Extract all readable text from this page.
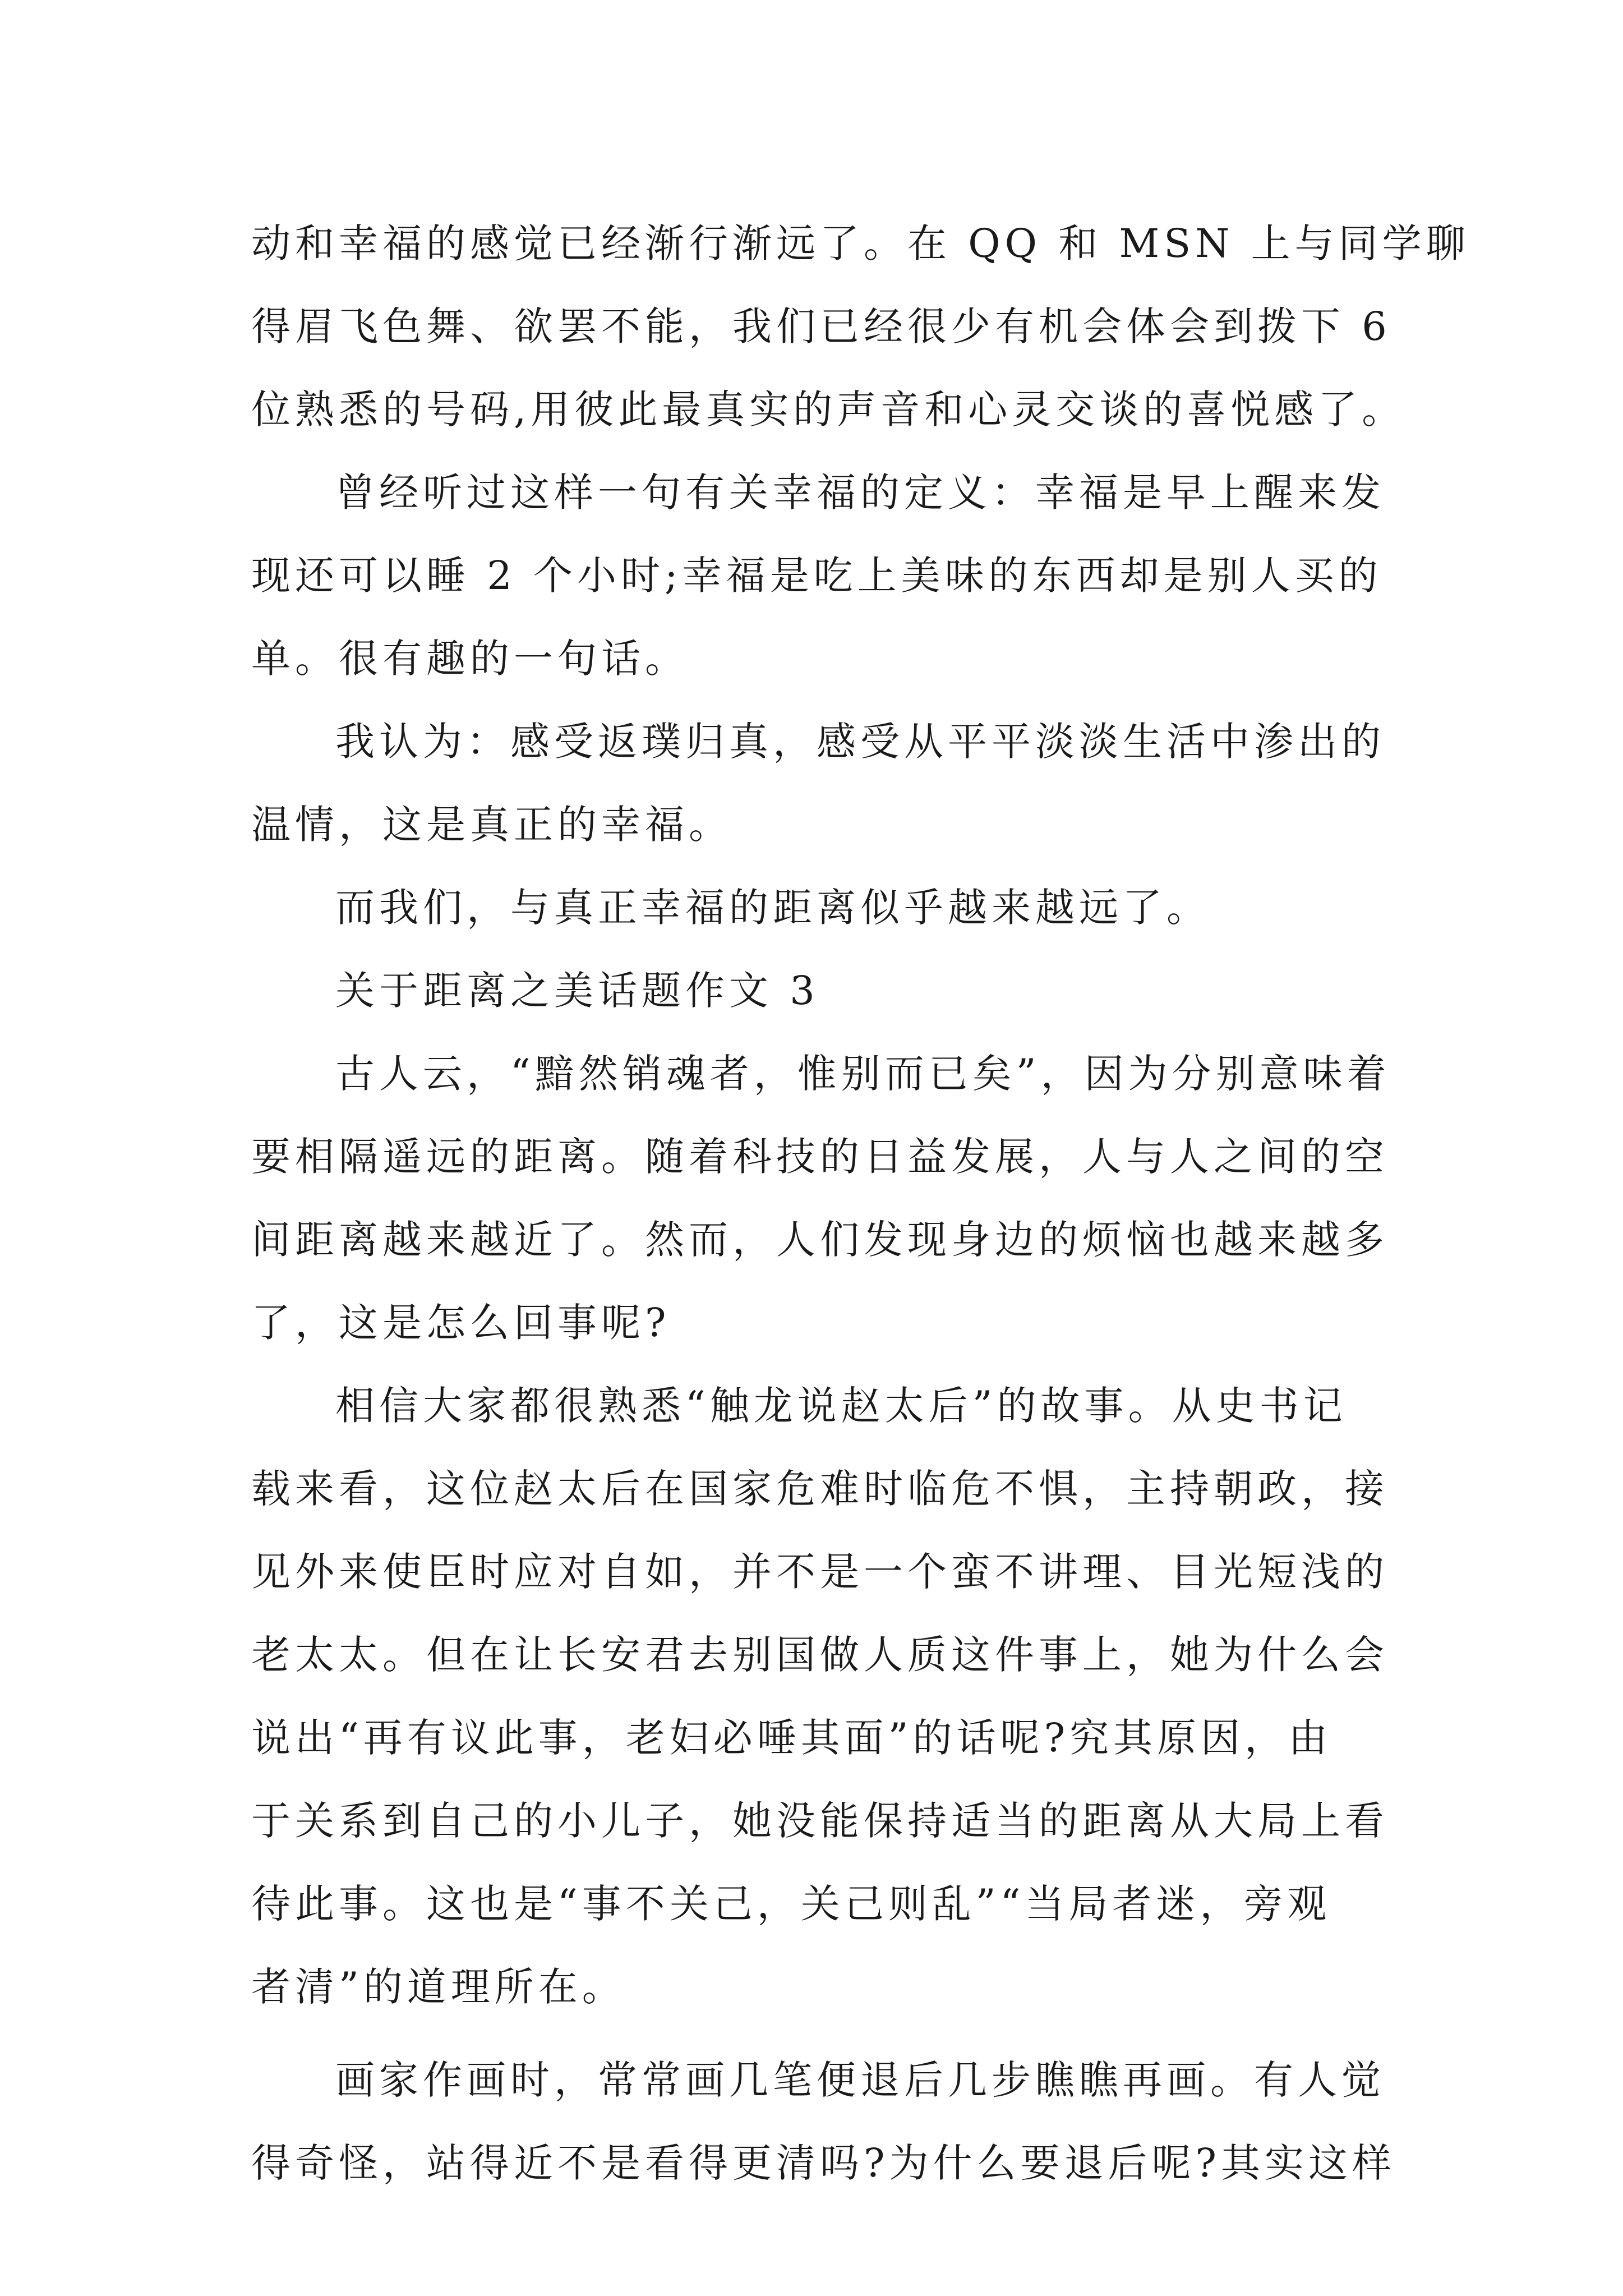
动和幸福的感觉已经渐行渐远了。在 QQ 和 MSN 上与同学聊
得眉飞色舞、欲罢不能，我们已经很少有机会体会到拨下 6
位熟悉的号码,用彼此最真实的声音和心灵交谈的喜悦感了。
曾经听过这样一句有关幸福的定义：幸福是早上醒来发
现还可以睡 2 个小时;幸福是吃上美味的东西却是别人买的
单。很有趣的一句话。
我认为：感受返璞归真，感受从平平淡淡生活中渗出的
温情，这是真正的幸福。
而我们，与真正幸福的距离似乎越来越远了。
关于距离之美话题作文 3
古人云，“黯然销魂者，惟别而已矣”，因为分别意味着
要相隔遥远的距离。随着科技的日益发展，人与人之间的空
间距离越来越近了。然而，人们发现身边的烦恼也越来越多
了，这是怎么回事呢?
相信大家都很熟悉“触龙说赵太后”的故事。从史书记
载来看，这位赵太后在国家危难时临危不惧，主持朝政，接
见外来使臣时应对自如，并不是一个蛮不讲理、目光短浅的
老太太。但在让长安君去别国做人质这件事上，她为什么会
说出“再有议此事，老妇必唾其面”的话呢?究其原因，由
于关系到自己的小儿子，她没能保持适当的距离从大局上看
待此事。这也是“事不关己，关己则乱”“当局者迷，旁观
者清”的道理所在。
画家作画时，常常画几笔便退后几步瞧瞧再画。有人觉
得奇怪，站得近不是看得更清吗?为什么要退后呢?其实这样
